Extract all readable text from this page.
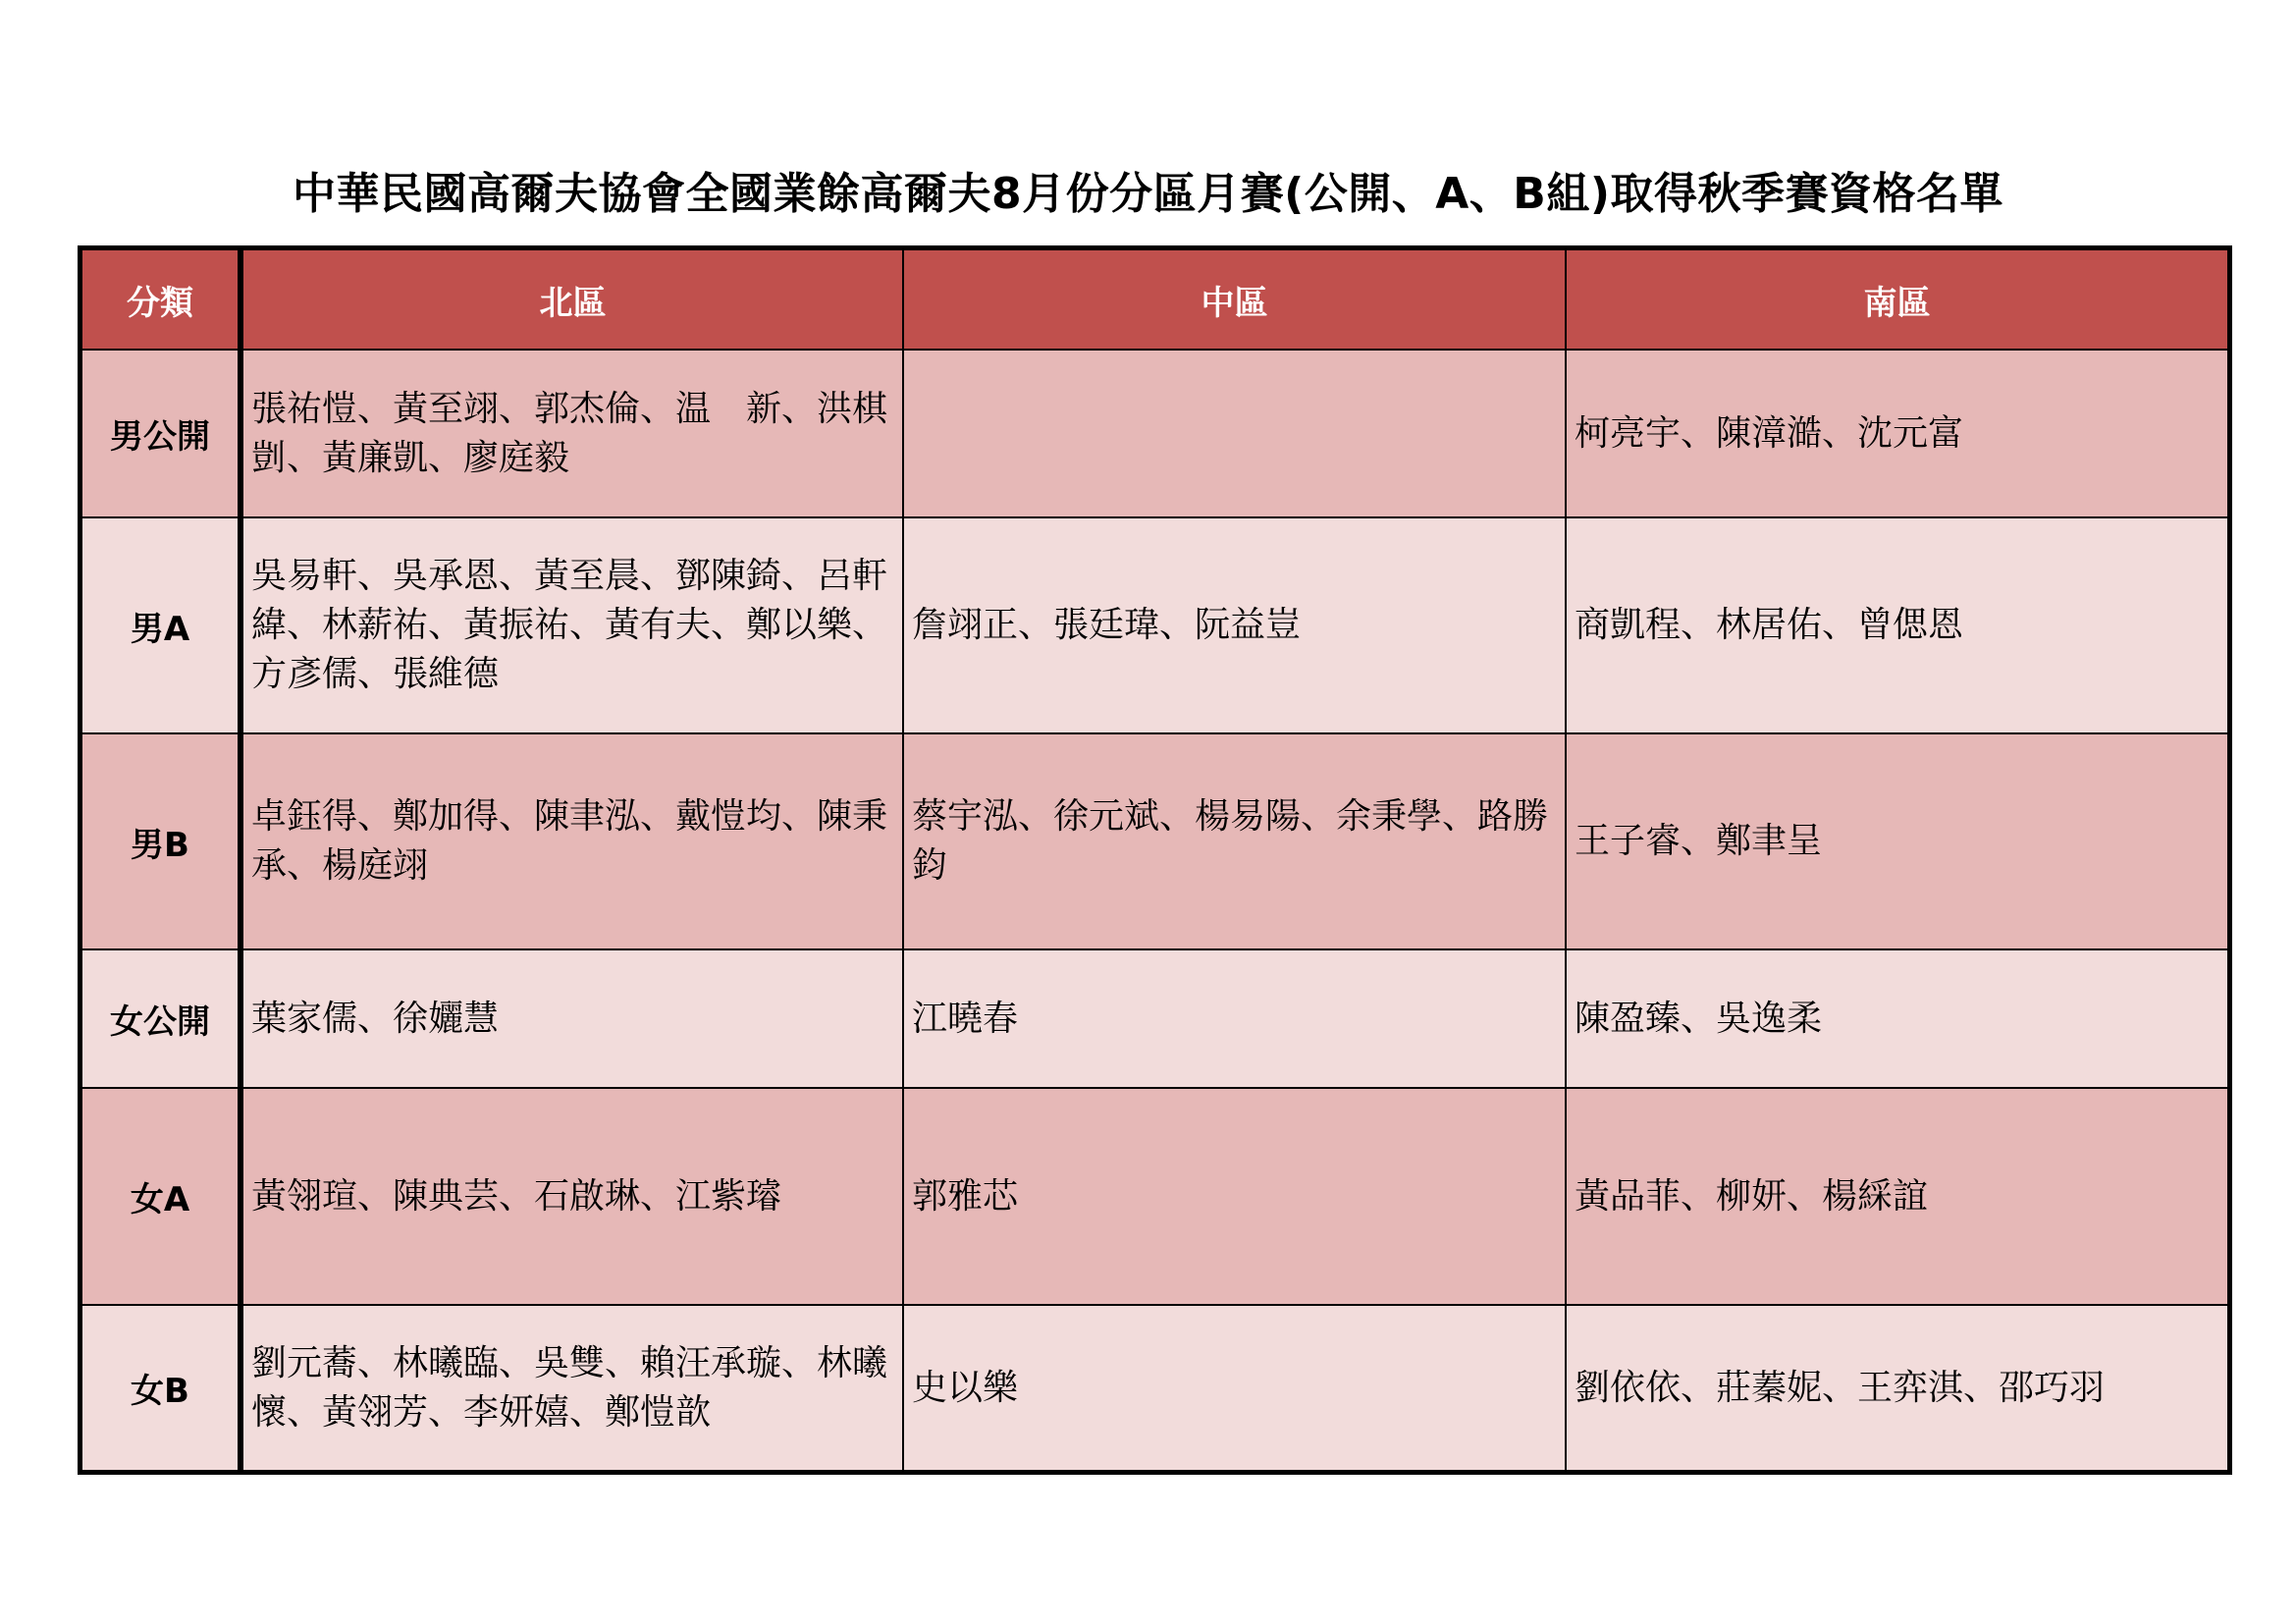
中華民國高爾夫協會全國業餘高爾夫8月份分區月賽(公開、A、B組)取得秋季賽資格名單
分類	北區	中區	南區
男公開	張祐愷、黃至翊、郭杰倫、温　新、洪棋剴、黃廉凱、廖庭毅		柯亮宇、陳漳澔、沈元富
男A	吳易軒、吳承恩、黃至晨、鄧陳錡、呂軒緯、林薪祐、黃振祐、黃有夫、鄭以樂、方彥儒、張維德	詹翊正、張廷瑋、阮益豈	商凱程、林居佑、曾偲恩
男B	卓鈺得、鄭加得、陳聿泓、戴愷均、陳秉承、楊庭翊	蔡宇泓、徐元斌、楊易陽、余秉學、路勝鈞	王子睿、鄭聿呈
女公開	葉家儒、徐孋慧	江曉春	陳盈臻、吳逸柔
女A	黃翎瑄、陳典芸、石啟琳、江紫璿	郭雅芯	黃品菲、柳妍、楊綵誼
女B	劉元蕎、林曦臨、吳雙、賴汪承璇、林曦懷、黃翎芳、李妍嬉、鄭愷歆	史以樂	劉依依、莊蓁妮、王弈淇、邵巧羽
